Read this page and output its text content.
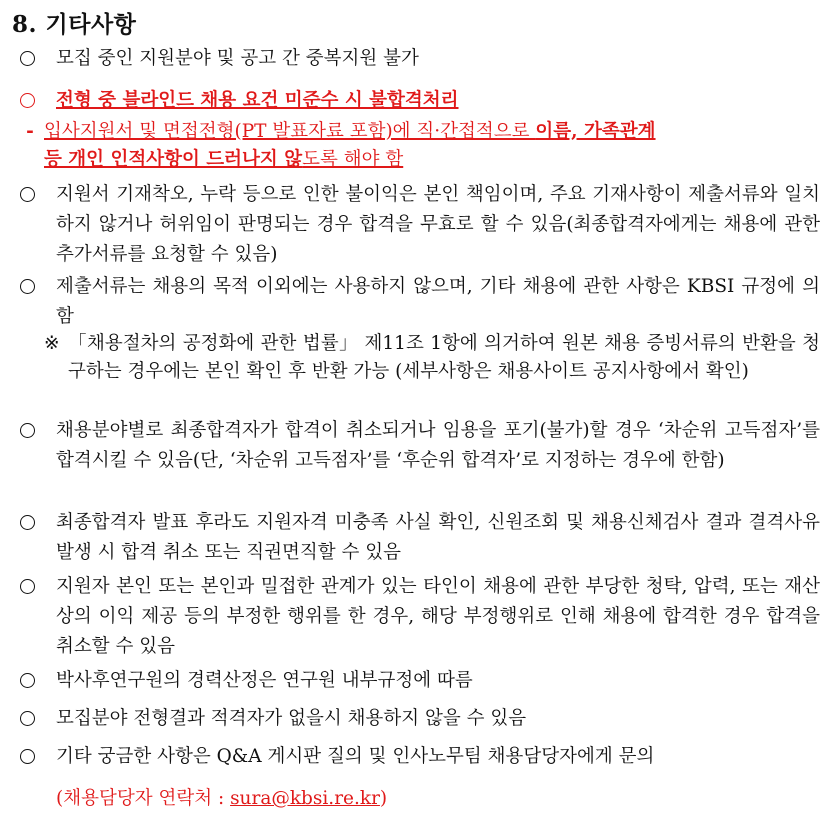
8. 기타사항
모집 중인 지원분야 및 공고 간 중복지원 불가
전형 중 블라인드 채용 요건 미준수 시 불합격처리
- 입사지원서 및 면접전형(PT 발표자료 포함)에 직·간접적으로 이름, 가족관계
등 개인 인적사항이 드러나지 않도록 해야 함
지원서 기재착오, 누락 등으로 인한 불이익은 본인 책임이며, 주요 기재사항이 제출서류와 일치하지 않거나 허위임이 판명되는 경우 합격을 무효로 할 수 있음(최종합격자에게는 채용에 관한 추가서류를 요청할 수 있음)
제출서류는 채용의 목적 이외에는 사용하지 않으며, 기타 채용에 관한 사항은 KBSI 규정에 의함
※ 「채용절차의 공정화에 관한 법률」 제11조 1항에 의거하여 원본 채용 증빙서류의 반환을 청구하는 경우에는 본인 확인 후 반환 가능 (세부사항은 채용사이트 공지사항에서 확인)
채용분야별로 최종합격자가 합격이 취소되거나 임용을 포기(불가)할 경우 ‘차순위 고득점자’를 합격시킬 수 있음(단, ‘차순위 고득점자’를 ‘후순위 합격자’로 지정하는 경우에 한함)
최종합격자 발표 후라도 지원자격 미충족 사실 확인, 신원조회 및 채용신체검사 결과 결격사유 발생 시 합격 취소 또는 직권면직할 수 있음
지원자 본인 또는 본인과 밀접한 관계가 있는 타인이 채용에 관한 부당한 청탁, 압력, 또는 재산상의 이익 제공 등의 부정한 행위를 한 경우, 해당 부정행위로 인해 채용에 합격한 경우 합격을 취소할 수 있음
박사후연구원의 경력산정은 연구원 내부규정에 따름
모집분야 전형결과 적격자가 없을시 채용하지 않을 수 있음
기타 궁금한 사항은 Q&A 게시판 질의 및 인사노무팀 채용담당자에게 문의
(채용담당자 연락처 : sura@kbsi.re.kr)
